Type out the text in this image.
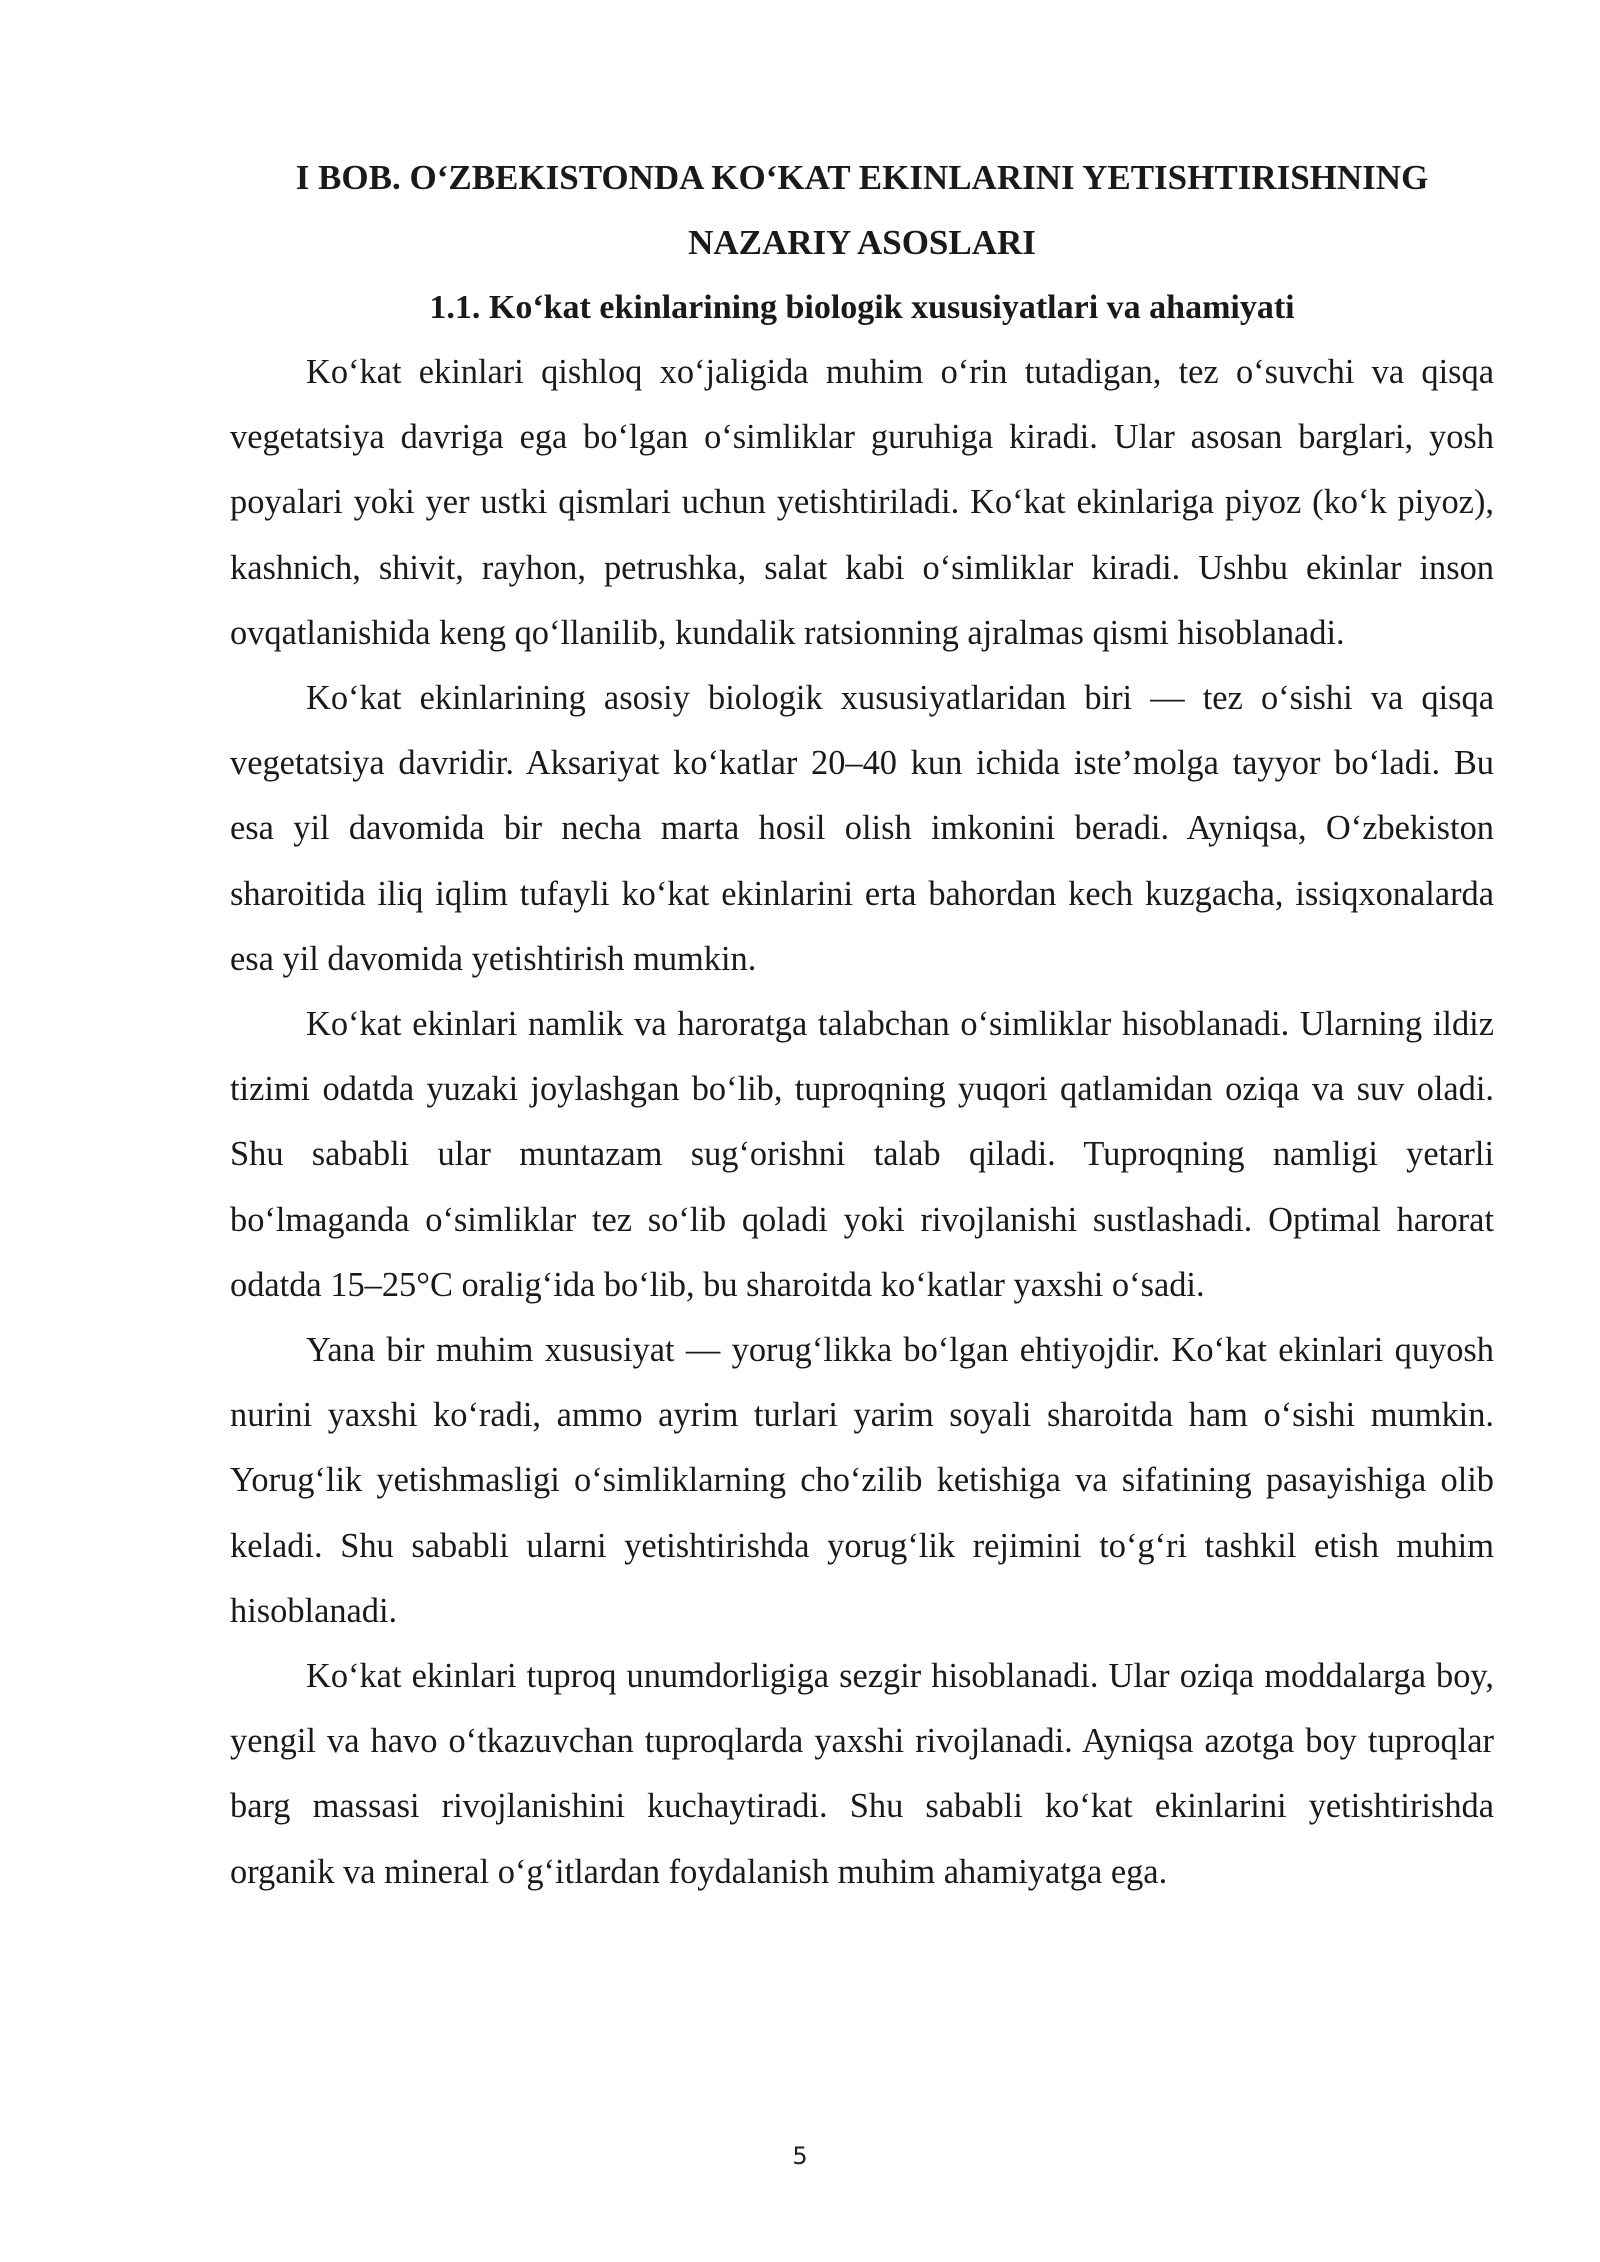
I BOB. O‘ZBEKISTONDA KO‘KAT EKINLARINI YETISHTIRISHNING

NAZARIY ASOSLARI

1.1. Ko‘kat ekinlarining biologik xususiyatlari va ahamiyati

Ko‘kat ekinlari qishloq xo‘jaligida muhim o‘rin tutadigan, tez o‘suvchi va qisqa vegetatsiya davriga ega bo‘lgan o‘simliklar guruhiga kiradi. Ular asosan barglari, yosh poyalari yoki yer ustki qismlari uchun yetishtiriladi. Ko‘kat ekinlariga piyoz (ko‘k piyoz), kashnich, shivit, rayhon, petrushka, salat kabi o‘simliklar kiradi. Ushbu ekinlar inson ovqatlanishida keng qo‘llanilib, kundalik ratsionning ajralmas qismi hisoblanadi.

Ko‘kat ekinlarining asosiy biologik xususiyatlaridan biri — tez o‘sishi va qisqa vegetatsiya davridir. Aksariyat ko‘katlar 20–40 kun ichida iste’molga tayyor bo‘ladi. Bu esa yil davomida bir necha marta hosil olish imkonini beradi. Ayniqsa, O‘zbekiston sharoitida iliq iqlim tufayli ko‘kat ekinlarini erta bahordan kech kuzgacha, issiqxonalarda esa yil davomida yetishtirish mumkin.

Ko‘kat ekinlari namlik va haroratga talabchan o‘simliklar hisoblanadi. Ularning ildiz tizimi odatda yuzaki joylashgan bo‘lib, tuproqning yuqori qatlamidan oziqa va suv oladi. Shu sababli ular muntazam sug‘orishni talab qiladi. Tuproqning namligi yetarli bo‘lmaganda o‘simliklar tez so‘lib qoladi yoki rivojlanishi sustlashadi. Optimal harorat odatda 15–25°C oralig‘ida bo‘lib, bu sharoitda ko‘katlar yaxshi o‘sadi.

Yana bir muhim xususiyat — yorug‘likka bo‘lgan ehtiyojdir. Ko‘kat ekinlari quyosh nurini yaxshi ko‘radi, ammo ayrim turlari yarim soyali sharoitda ham o‘sishi mumkin. Yorug‘lik yetishmasligi o‘simliklarning cho‘zilib ketishiga va sifatining pasayishiga olib keladi. Shu sababli ularni yetishtirishda yorug‘lik rejimini to‘g‘ri tashkil etish muhim hisoblanadi.

Ko‘kat ekinlari tuproq unumdorligiga sezgir hisoblanadi. Ular oziqa moddalarga boy, yengil va havo o‘tkazuvchan tuproqlarda yaxshi rivojlanadi. Ayniqsa azotga boy tuproqlar barg massasi rivojlanishini kuchaytiradi. Shu sababli ko‘kat ekinlarini yetishtirishda organik va mineral o‘g‘itlardan foydalanish muhim ahamiyatga ega.

5
